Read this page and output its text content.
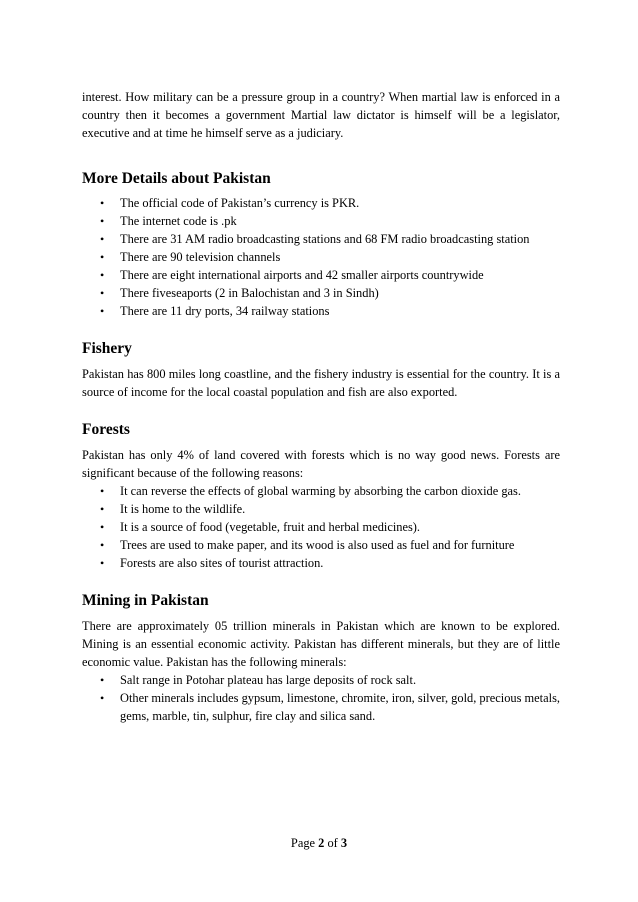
interest. How military can be a pressure group in a country? When martial law is enforced in a country then it becomes a government Martial law dictator is himself will be a legislator, executive and at time he himself serve as a judiciary.

More Details about Pakistan
• The official code of Pakistan’s currency is PKR.
• The internet code is .pk
• There are 31 AM radio broadcasting stations and 68 FM radio broadcasting station
• There are 90 television channels
• There are eight international airports and 42 smaller airports countrywide
• There fiveseaports (2 in Balochistan and 3 in Sindh)
• There are 11 dry ports, 34 railway stations
Fishery

Pakistan has 800 miles long coastline, and the fishery industry is essential for the country. It is a source of income for the local coastal population and fish are also exported.

Forests

Pakistan has only 4% of land covered with forests which is no way good news. Forests are significant because of the following reasons:

• It can reverse the effects of global warming by absorbing the carbon dioxide gas.
• It is home to the wildlife.
• It is a source of food (vegetable, fruit and herbal medicines).
• Trees are used to make paper, and its wood is also used as fuel and for furniture
• Forests are also sites of tourist attraction.
Mining in Pakistan

There are approximately 05 trillion minerals in Pakistan which are known to be explored. Mining is an essential economic activity. Pakistan has different minerals, but they are of little economic value. Pakistan has the following minerals:

• Salt range in Potohar plateau has large deposits of rock salt.
• Other minerals includes gypsum, limestone, chromite, iron, silver, gold, precious metals, gems, marble, tin, sulphur, fire clay and silica sand.
Page 2 of 3
